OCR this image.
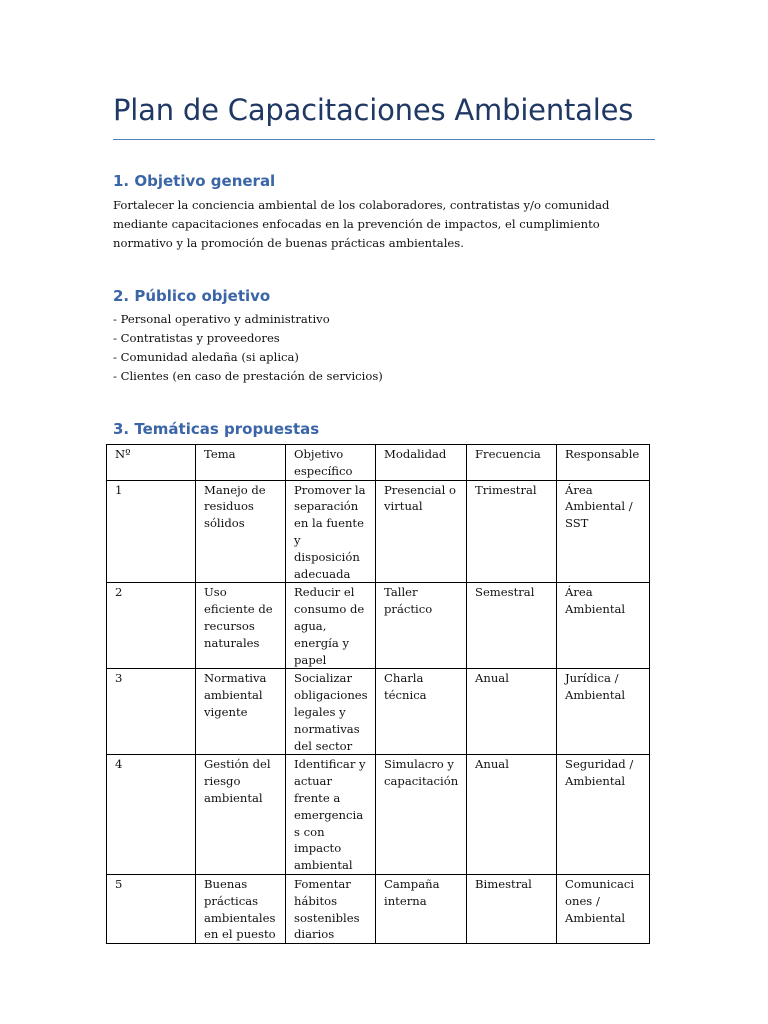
Plan de Capacitaciones Ambientales
1. Objetivo general

Fortalecer la conciencia ambiental de los colaboradores, contratistas y/o comunidad mediante capacitaciones enfocadas en la prevención de impactos, el cumplimiento normativo y la promoción de buenas prácticas ambientales.

2. Público objetivo
- Personal operativo y administrativo
- Contratistas y proveedores
- Comunidad aledaña (si aplica)
- Clientes (en caso de prestación de servicios)
3. Temáticas propuestas
Nº	Tema	Objetivo específico	Modalidad	Frecuencia	Responsable
1	Manejo de residuos sólidos	Promover la separación en la fuente y disposición adecuada	Presencial o virtual	Trimestral	Área Ambiental / SST
2	Uso eficiente de recursos naturales	Reducir el consumo de agua, energía y papel	Taller práctico	Semestral	Área Ambiental
3	Normativa ambiental vigente	Socializar obligaciones legales y normativas del sector	Charla técnica	Anual	Jurídica / Ambiental
4	Gestión del riesgo ambiental	Identificar y actuar frente a emergencias con impacto ambiental	Simulacro y capacitación	Anual	Seguridad / Ambiental
5	Buenas prácticas ambientales en el puesto	Fomentar hábitos sostenibles diarios	Campaña interna	Bimestral	Comunicaciones / Ambiental
